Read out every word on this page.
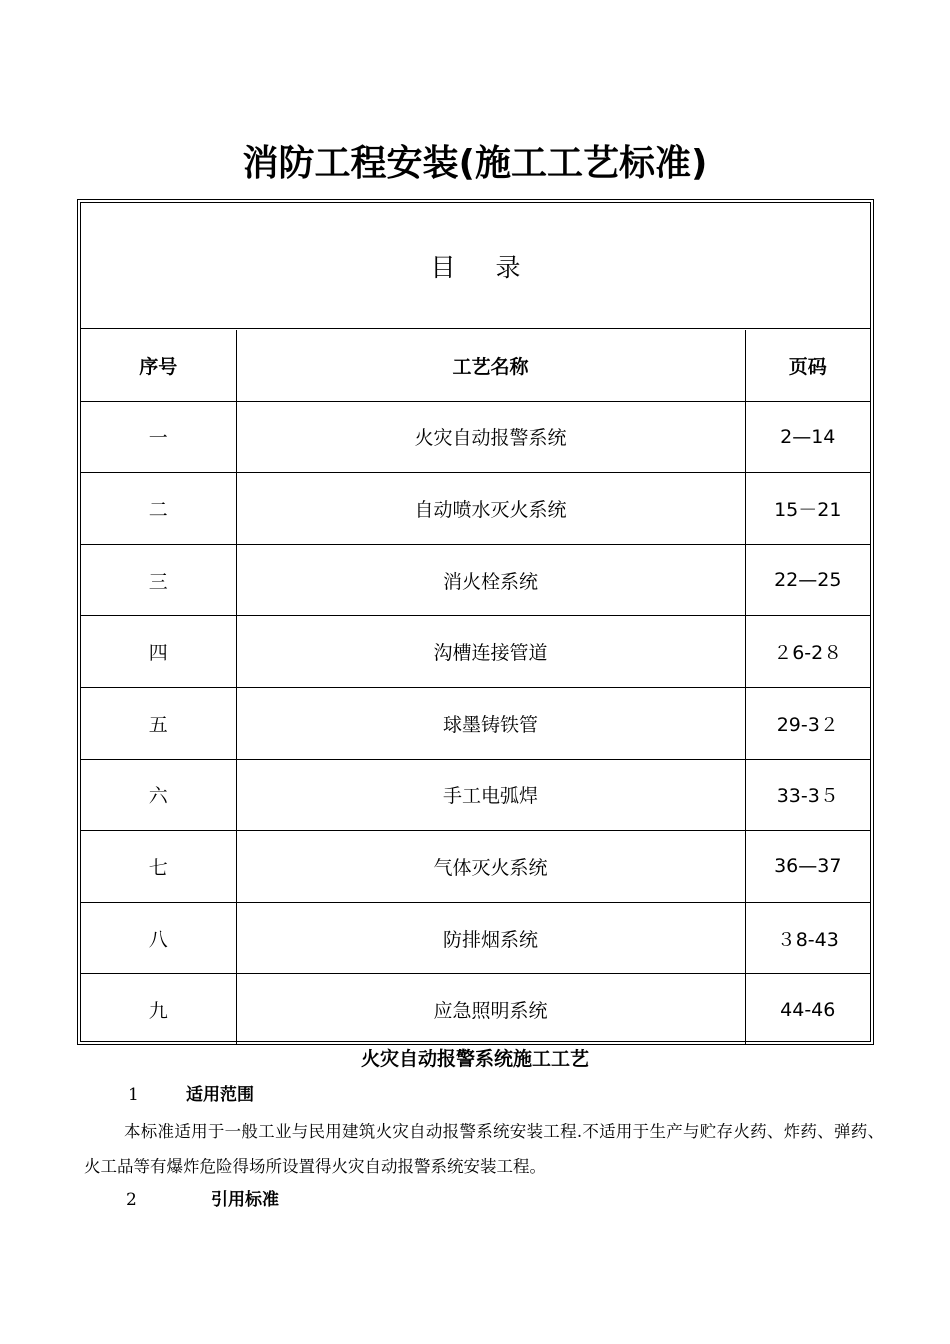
消防工程安装(施工工艺标准)
目录
序号	工艺名称	页码
一	火灾自动报警系统	2—14
二	自动喷水灭火系统	15－21
三	消火栓系统	22—25
四	沟槽连接管道	２6-2８
五	球墨铸铁管	29-3２
六	手工电弧焊	33-3５
七	气体灭火系统	36—37
八	防排烟系统	３8-43
九	应急照明系统	44-46
火灾自动报警系统施工工艺
1	适用范围
本标准适用于一般工业与民用建筑火灾自动报警系统安装工程.不适用于生产与贮存火药、炸药、弹药、火工品等有爆炸危险得场所设置得火灾自动报警系统安装工程。
2	引用标准
